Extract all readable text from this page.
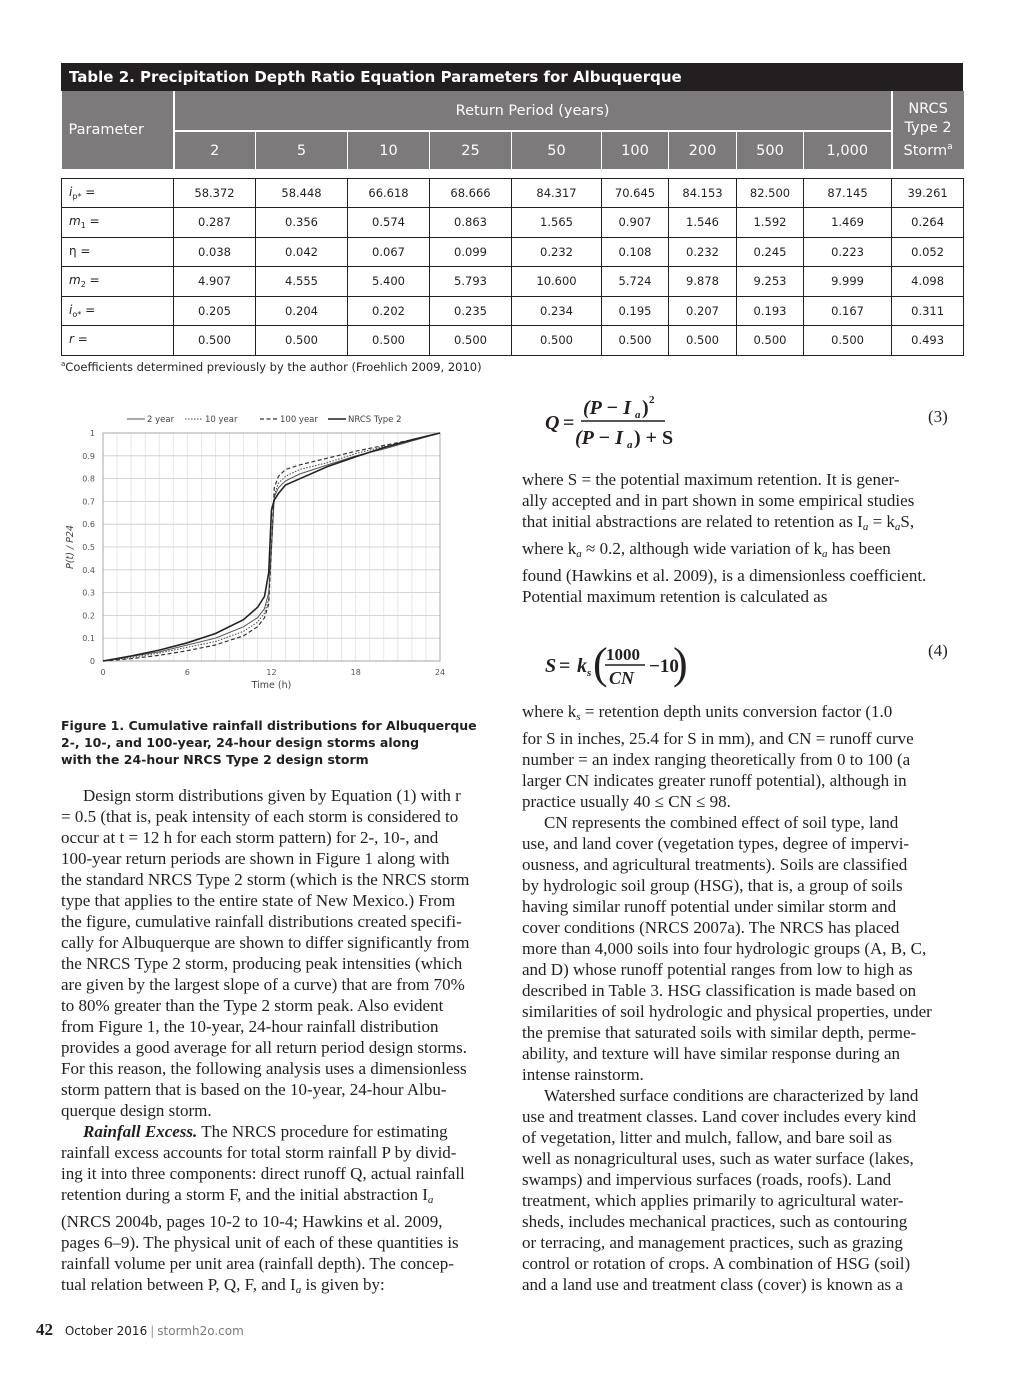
Table 2. Precipitation Depth Ratio Equation Parameters for Albuquerque
Parameter	Return Period (years)									NRCS
Type 2
Storm$^a$
	2	5	10	25	50	100	200	500	1,000	

$i_{p*}$ =	58.372	58.448	66.618	68.666	84.317	70.645	84.153	82.500	87.145	39.261
$m_1$ =	0.287	0.356	0.574	0.863	1.565	0.907	1.546	1.592	1.469	0.264
η =	0.038	0.042	0.067	0.099	0.232	0.108	0.232	0.245	0.223	0.052
$m_2$ =	4.907	4.555	5.400	5.793	10.600	5.724	9.878	9.253	9.999	4.098
$i_{o*}$ =	0.205	0.204	0.202	0.235	0.234	0.195	0.207	0.193	0.167	0.311
r =	0.500	0.500	0.500	0.500	0.500	0.500	0.500	0.500	0.500	0.493
$^a$Coefficients determined previously by the author (Froehlich 2009, 2010)
0
0.1
0.2
0.3
0.4
0.5
0.6
0.7
0.8
0.9
1
0	6	12	18	24
Time (h)
P(t) / P24
2 year	10 year	100 year	NRCS Type 2
Figure 1. Cumulative rainfall distributions for Albuquerque
2-, 10-, and 100-year, 24-hour design storms along
with the 24-hour NRCS Type 2 design storm
Q =
(P − I a ) 2
(P − I a ) + S
(3)
S = k s (
1000
CN
−10
)	(4)

Design storm distributions given by Equation (1) with r
= 0.5 (that is, peak intensity of each storm is considered to
occur at t = 12 h for each storm pattern) for 2-, 10-, and
100-year return periods are shown in Figure 1 along with
the standard NRCS Type 2 storm (which is the NRCS storm
type that applies to the entire state of New Mexico.) From
the figure, cumulative rainfall distributions created specifi-
cally for Albuquerque are shown to differ significantly from
the NRCS Type 2 storm, producing peak intensities (which
are given by the largest slope of a curve) that are from 70%
to 80% greater than the Type 2 storm peak. Also evident
from Figure 1, the 10-year, 24-hour rainfall distribution
provides a good average for all return period design storms.
For this reason, the following analysis uses a dimensionless
storm pattern that is based on the 10-year, 24-hour Albu-
querque design storm.

Rainfall Excess. The NRCS procedure for estimating
rainfall excess accounts for total storm rainfall P by divid-
ing it into three components: direct runoff Q, actual rainfall
retention during a storm F, and the initial abstraction $I_a$
(NRCS 2004b, pages 10-2 to 10-4; Hawkins et al. 2009,
pages 6–9). The physical unit of each of these quantities is
rainfall volume per unit area (rainfall depth). The concep-
tual relation between P, Q, F, and $I_a$ is given by:

where S = the potential maximum retention. It is gener-
ally accepted and in part shown in some empirical studies
that initial abstractions are related to retention as $I_a = k_aS$,
where $k_a \approx 0.2$, although wide variation of $k_a$ has been
found (Hawkins et al. 2009), is a dimensionless coefficient.
Potential maximum retention is calculated as

where $k_s$ = retention depth units conversion factor (1.0
for S in inches, 25.4 for S in mm), and CN = runoff curve
number = an index ranging theoretically from 0 to 100 (a
larger CN indicates greater runoff potential), although in
practice usually 40 ≤ CN ≤ 98.

CN represents the combined effect of soil type, land
use, and land cover (vegetation types, degree of impervi-
ousness, and agricultural treatments). Soils are classified
by hydrologic soil group (HSG), that is, a group of soils
having similar runoff potential under similar storm and
cover conditions (NRCS 2007a). The NRCS has placed
more than 4,000 soils into four hydrologic groups (A, B, C,
and D) whose runoff potential ranges from low to high as
described in Table 3. HSG classification is made based on
similarities of soil hydrologic and physical properties, under
the premise that saturated soils with similar depth, perme-
ability, and texture will have similar response during an
intense rainstorm.

Watershed surface conditions are characterized by land
use and treatment classes. Land cover includes every kind
of vegetation, litter and mulch, fallow, and bare soil as
well as nonagricultural uses, such as water surface (lakes,
swamps) and impervious surfaces (roads, roofs). Land
treatment, which applies primarily to agricultural water-
sheds, includes mechanical practices, such as contouring
or terracing, and management practices, such as grazing
control or rotation of crops. A combination of HSG (soil)
and a land use and treatment class (cover) is known as a

42 October 2016 | stormh2o.com
